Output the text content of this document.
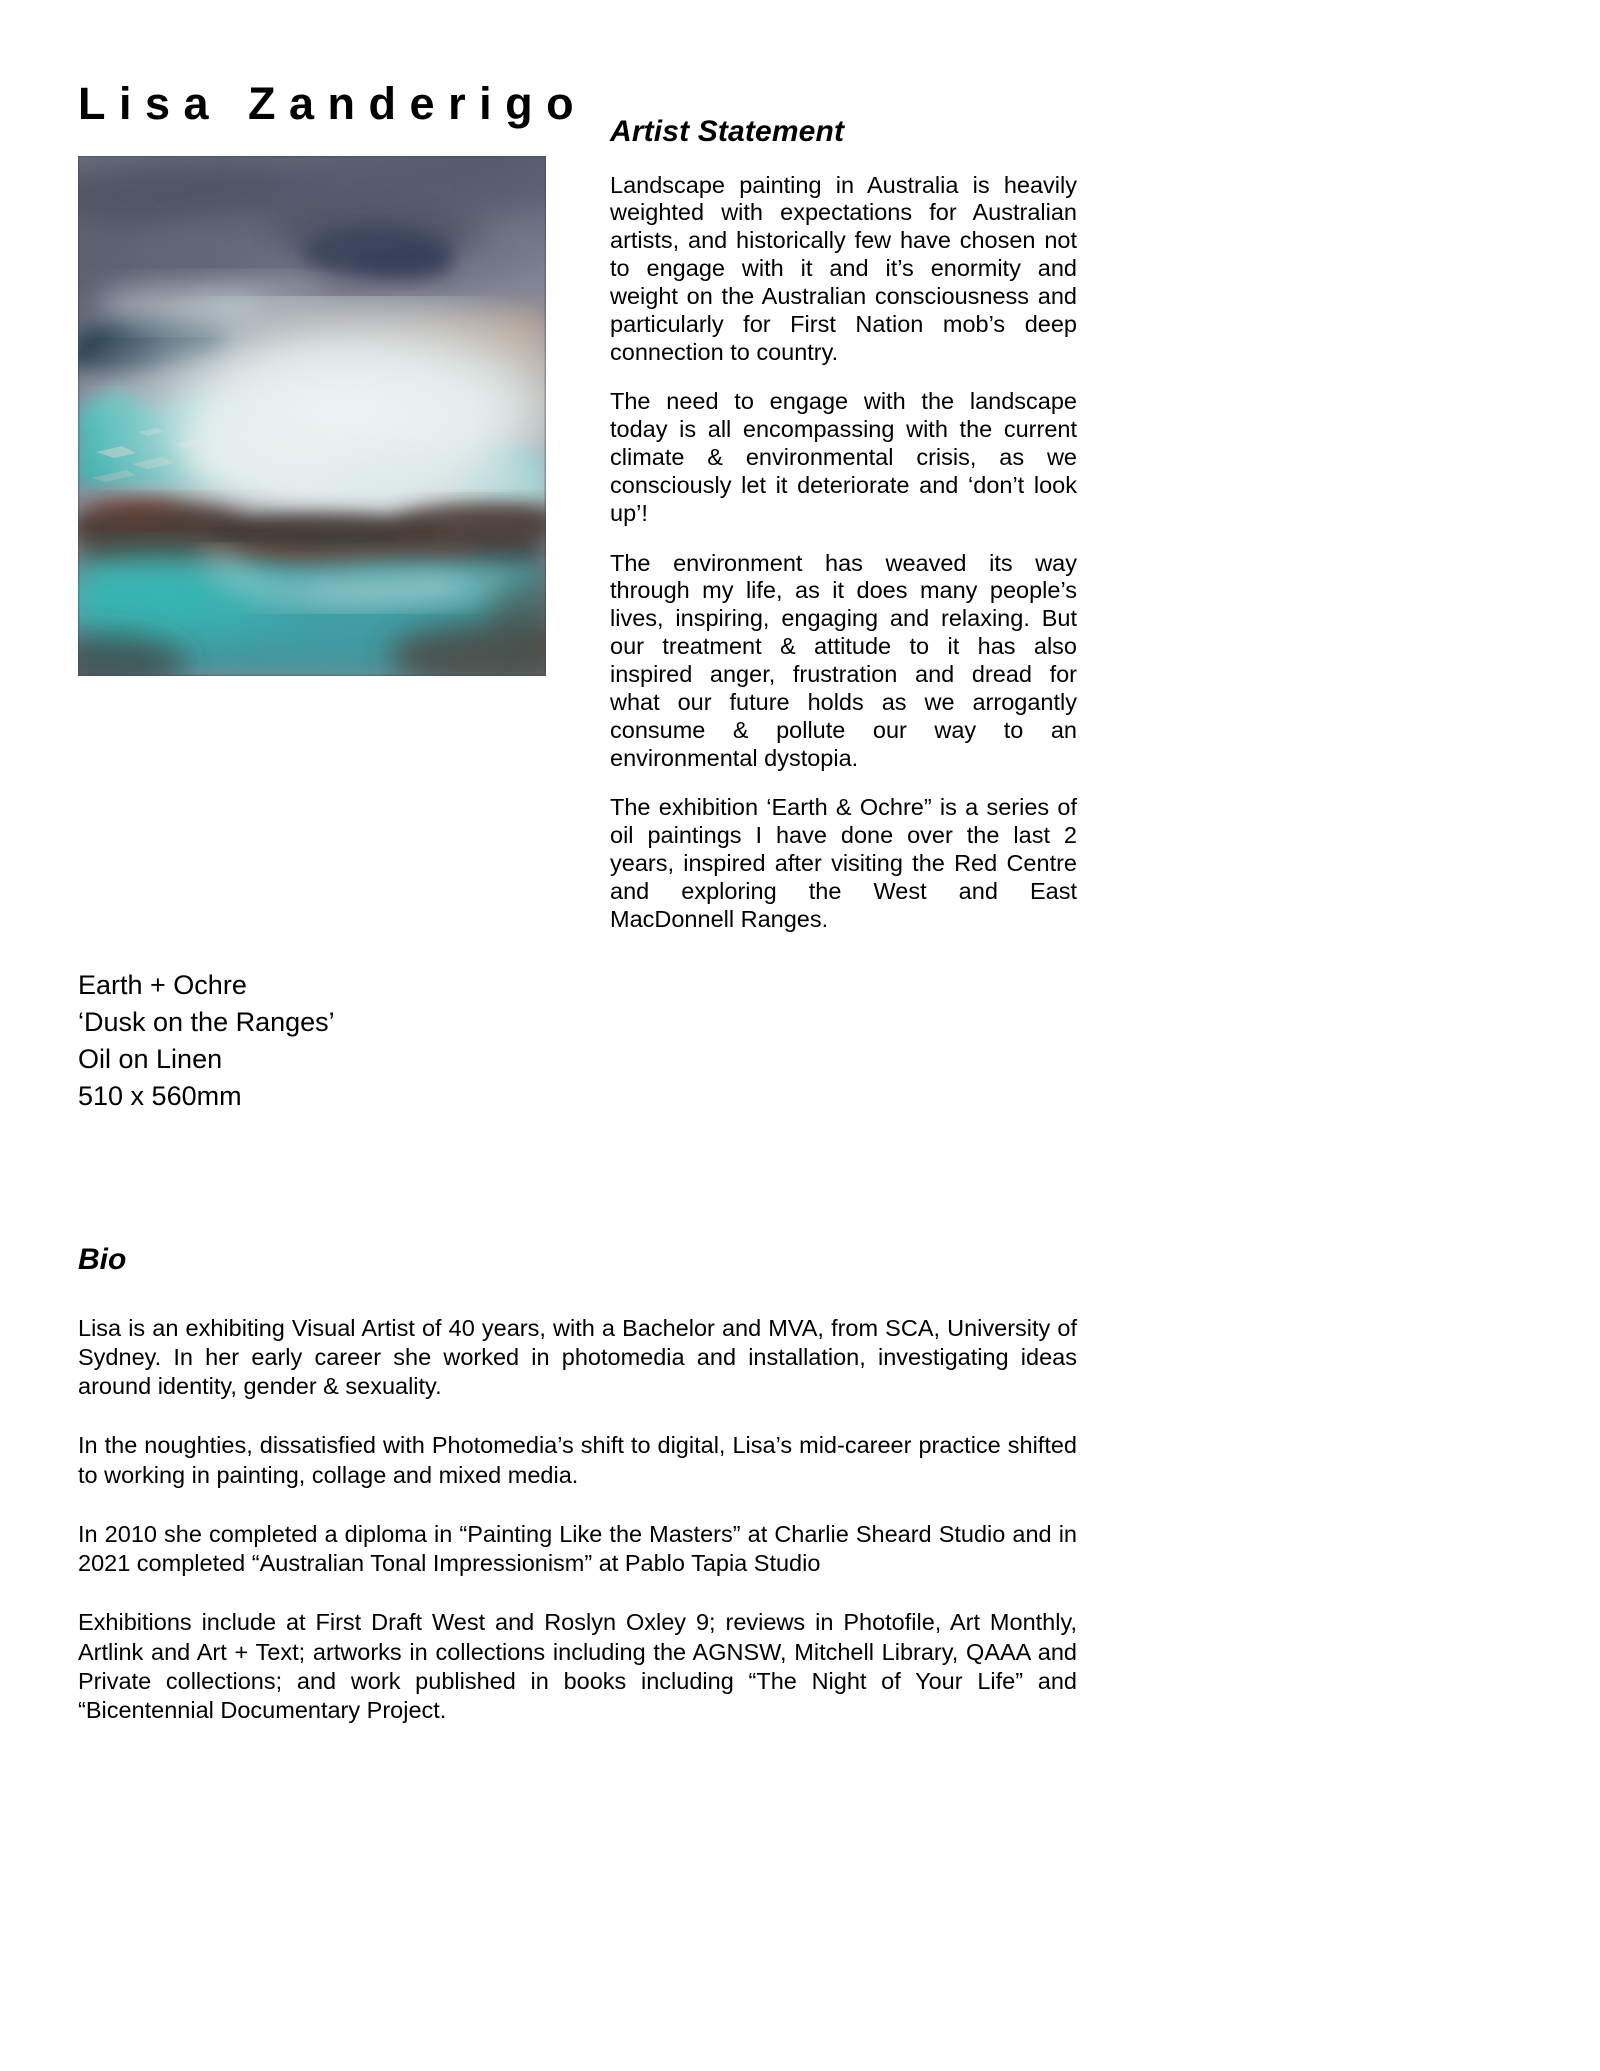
Lisa Zanderigo
Earth + Ochre
‘Dusk on the Ranges’
Oil on Linen
510 x 560mm
Artist Statement

Landscape painting in Australia is heavily weighted with expectations for Australian artists, and historically few have chosen not to engage with it and it’s enormity and weight on the Australian consciousness and particularly for First Nation mob’s deep connection to country.

The need to engage with the landscape today is all encompassing with the current climate & environmental crisis, as we consciously let it deteriorate and ‘don’t look up’!

The environment has weaved its way through my life, as it does many people’s lives, inspiring, engaging and relaxing. But our treatment & attitude to it has also inspired anger, frustration and dread for what our future holds as we arrogantly consume & pollute our way to an environmental dystopia.

The exhibition ‘Earth & Ochre” is a series of oil paintings I have done over the last 2 years, inspired after visiting the Red Centre and exploring the West and East MacDonnell Ranges.

Bio

Lisa is an exhibiting Visual Artist of 40 years, with a Bachelor and MVA, from SCA, University of Sydney. In her early career she worked in photomedia and installation, investigating ideas around identity, gender & sexuality.

In the noughties, dissatisfied with Photomedia’s shift to digital, Lisa’s mid-career practice shifted to working in painting, collage and mixed media.

In 2010 she completed a diploma in “Painting Like the Masters” at Charlie Sheard Studio and in 2021 completed “Australian Tonal Impressionism” at Pablo Tapia Studio

Exhibitions include at First Draft West and Roslyn Oxley 9; reviews in Photofile, Art Monthly, Artlink and Art + Text; artworks in collections including the AGNSW, Mitchell Library, QAAA and Private collections; and work published in books including “The Night of Your Life” and “Bicentennial Documentary Project.
